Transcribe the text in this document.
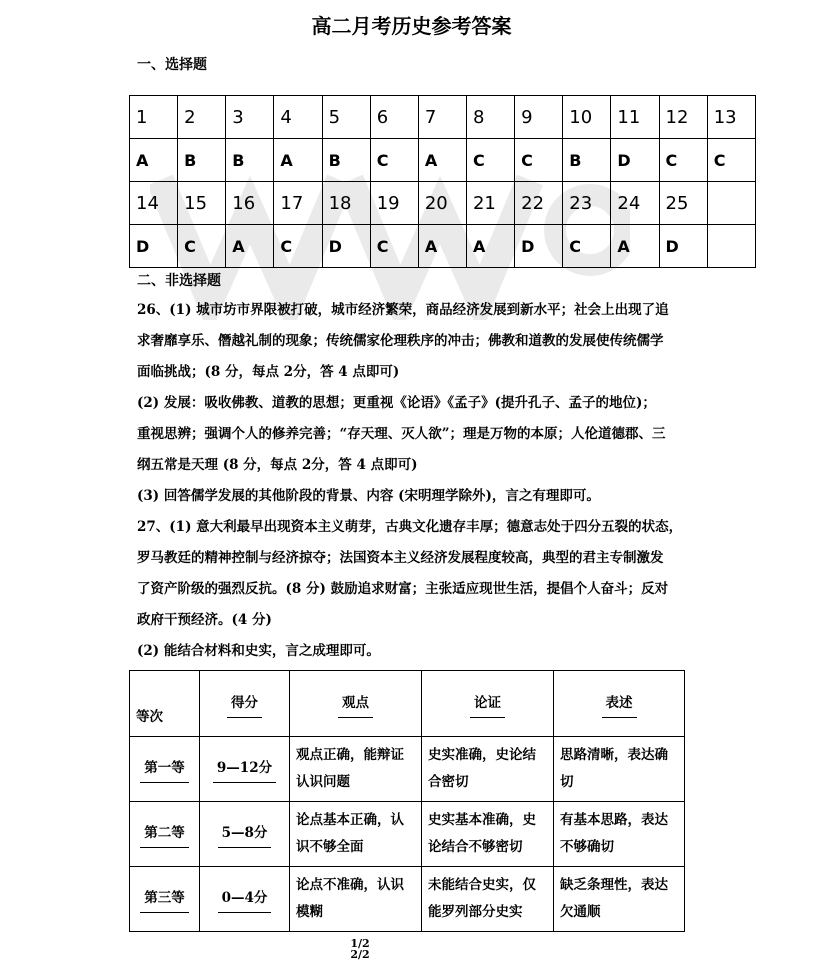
高二月考历史参考答案
一、选择题
1	2	3	4	5	6	7	8	9	10	11	12	13
A	B	B	A	B	C	A	C	C	B	D	C	C
14	15	16	17	18	19	20	21	22	23	24	25	
D	C	A	C	D	C	A	A	D	C	A	D	
二、非选择题

26、(1) 城市坊市界限被打破，城市经济繁荣，商品经济发展到新水平；社会上出现了追

求奢靡享乐、僭越礼制的现象；传统儒家伦理秩序的冲击；佛教和道教的发展使传统儒学

面临挑战；(8 分，每点 2分，答 4 点即可)

(2) 发展：吸收佛教、道教的思想；更重视《论语》《孟子》(提升孔子、孟子的地位)；

重视思辨；强调个人的修养完善；“存天理、灭人欲”；理是万物的本原；人伦道德郡、三

纲五常是天理 (8 分，每点 2分，答 4 点即可)

(3) 回答儒学发展的其他阶段的背景、内容 (宋明理学除外)，言之有理即可。

27、(1) 意大利最早出现资本主义萌芽，古典文化遗存丰厚；德意志处于四分五裂的状态，

罗马教廷的精神控制与经济掠夺；法国资本主义经济发展程度较高，典型的君主专制激发

了资产阶级的强烈反抗。(8 分) 鼓励追求财富；主张适应现世生活，提倡个人奋斗；反对

政府干预经济。(4 分)

(2) 能结合材料和史实，言之成理即可。

等次	得分	观点	论证	表述
第一等	9—12分	观点正确，能辩证认识问题	史实准确，史论结合密切	思路清晰，表达确切
第二等	5—8分	论点基本正确，认识不够全面	史实基本准确，史论结合不够密切	有基本思路，表达不够确切
第三等	0—4分	论点不准确，认识模糊	未能结合史实，仅能罗列部分史实	缺乏条理性，表达欠通顺
1/2
2/2
